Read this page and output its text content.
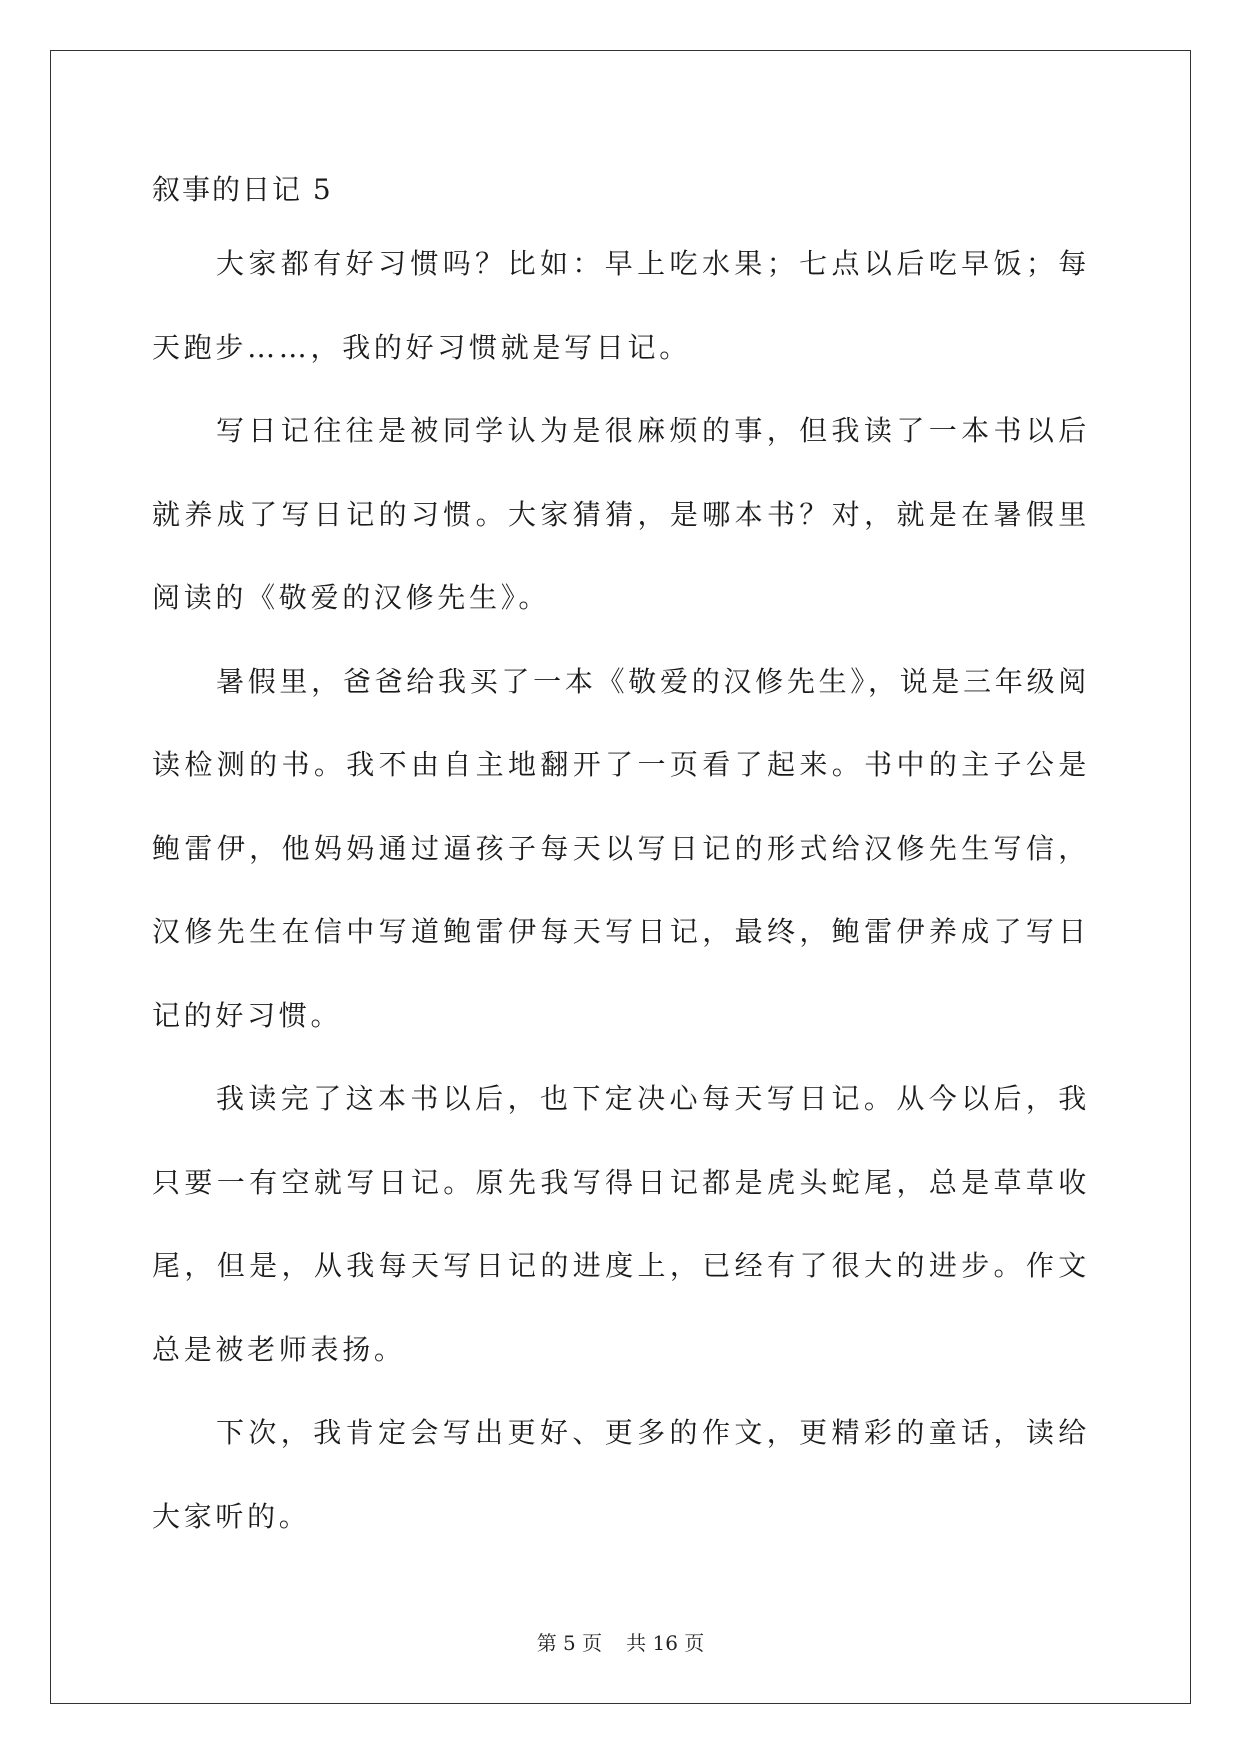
叙事的日记 5

大家都有好习惯吗？比如：早上吃水果；七点以后吃早饭；每天跑步……，我的好习惯就是写日记。

写日记往往是被同学认为是很麻烦的事，但我读了一本书以后就养成了写日记的习惯。大家猜猜，是哪本书？对，就是在暑假里阅读的《敬爱的汉修先生》。

暑假里，爸爸给我买了一本《敬爱的汉修先生》，说是三年级阅读检测的书。我不由自主地翻开了一页看了起来。书中的主子公是鲍雷伊，他妈妈通过逼孩子每天以写日记的形式给汉修先生写信，汉修先生在信中写道鲍雷伊每天写日记，最终，鲍雷伊养成了写日记的好习惯。

我读完了这本书以后，也下定决心每天写日记。从今以后，我只要一有空就写日记。原先我写得日记都是虎头蛇尾，总是草草收尾，但是，从我每天写日记的进度上，已经有了很大的进步。作文总是被老师表扬。

下次，我肯定会写出更好、更多的作文，更精彩的童话，读给大家听的。

第 5 页 共 16 页
